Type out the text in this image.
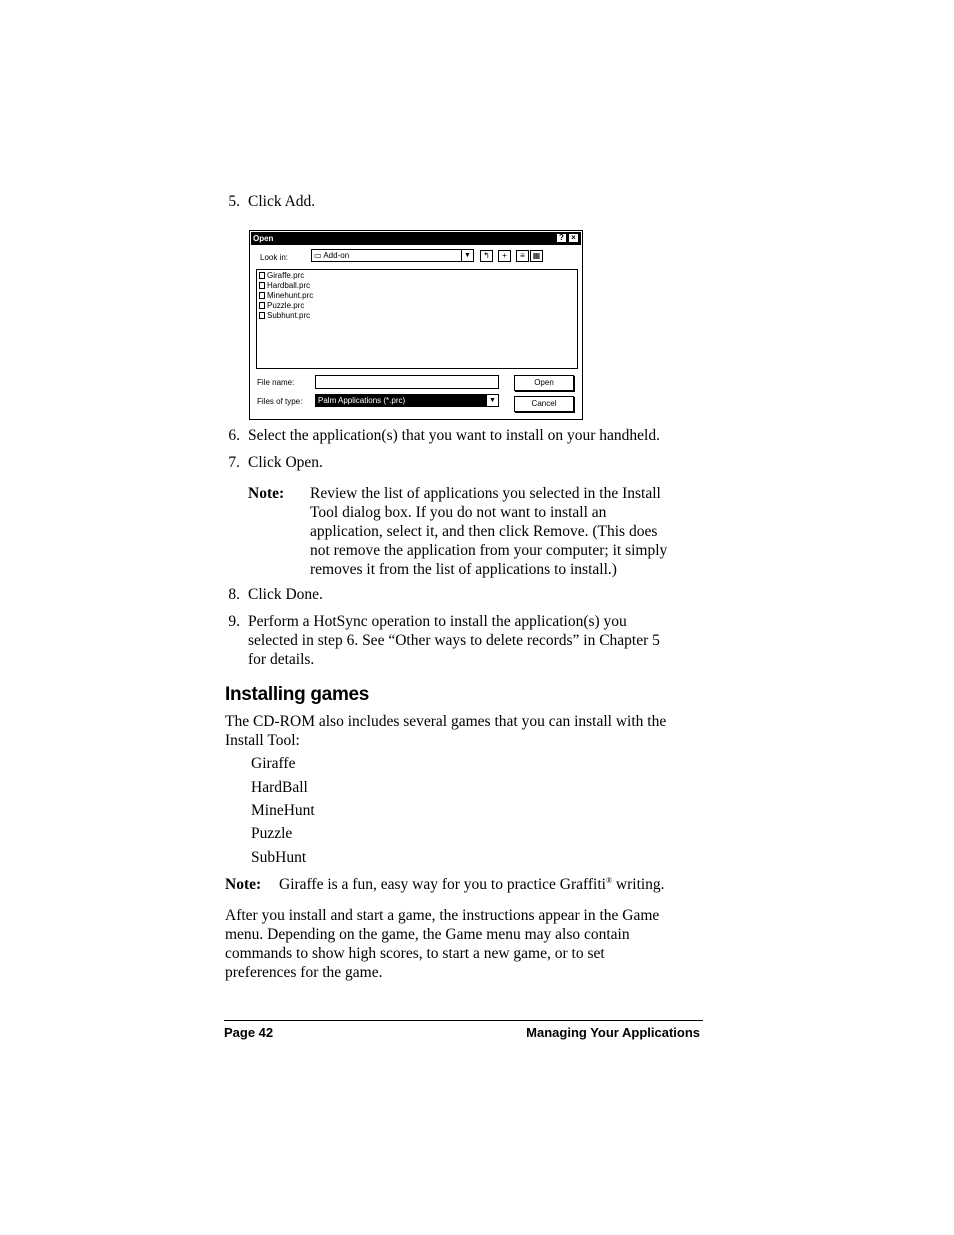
5. Click Add.
Open	? ×
Look in:	▭ Add-on	▼	↰	+	≡ ▦
Giraffe.prc
Hardball.prc
Minehunt.prc
Puzzle.prc
Subhunt.prc
File name:
Files of type:	Palm Applications (*.prc)	▼
Open
Cancel
6. Select the application(s) that you want to install on your handheld.
7. Click Open.
Note: Review the list of applications you selected in the Install
Tool dialog box. If you do not want to install an
application, select it, and then click Remove. (This does
not remove the application from your computer; it simply
removes it from the list of applications to install.)
8. Click Done.
9. Perform a HotSync operation to install the application(s) you
selected in step 6. See “Other ways to delete records” in Chapter 5
for details.
Installing games
The CD-ROM also includes several games that you can install with the
Install Tool:
Giraffe
HardBall
MineHunt
Puzzle
SubHunt
Note: Giraffe is a fun, easy way for you to practice Graffiti® writing.
After you install and start a game, the instructions appear in the Game
menu. Depending on the game, the Game menu may also contain
commands to show high scores, to start a new game, or to set
preferences for the game.
Page 42	Managing Your Applications
